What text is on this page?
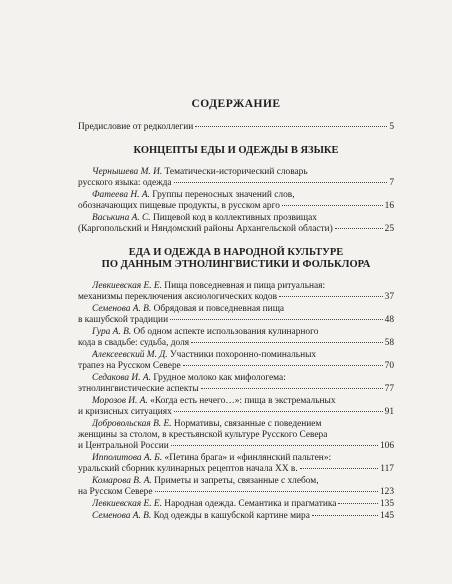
СОДЕРЖАНИЕ
Предисловие от редколлегии	5
КОНЦЕПТЫ ЕДЫ И ОДЕЖДЫ В ЯЗЫКЕ
Чернышева М. И. Тематически-исторический словарь
русского языка: одежда	7
Фатеева Н. А. Группы переносных значений слов,
обозначающих пищевые продукты, в русском арго	16
Васькина А. С. Пищевой код в коллективных прозвищах
(Каргопольский и Няндомский районы Архангельской области)	25
ЕДА И ОДЕЖДА В НАРОДНОЙ КУЛЬТУРЕ
ПО ДАННЫМ ЭТНОЛИНГВИСТИКИ И ФОЛЬКЛОРА
Левкиевская Е. Е. Пища повседневная и пища ритуальная:
механизмы переключения аксиологических кодов	37
Семенова А. В. Обрядовая и повседневная пища
в кашубской традиции	48
Гура А. В. Об одном аспекте использования кулинарного
кода в свадьбе: судьба, доля	58
Алексеевский М. Д. Участники похоронно-поминальных
трапез на Русском Севере	70
Седакова И. А. Грудное молоко как мифологема:
этнолингвистические аспекты	77
Морозов И. А. «Когда есть нечего…»: пища в экстремальных
и кризисных ситуациях	91
Добровольская В. Е. Нормативы, связанные с поведением
женщины за столом, в крестьянской культуре Русского Севера
и Центральной России	106
Ипполитова А. Б. «Петина брага» и «финлянский пальтен»:
уральский сборник кулинарных рецептов начала XX в.	117
Комарова В. А. Приметы и запреты, связанные с хлебом,
на Русском Севере	123
Левкиевская Е. Е. Народная одежда. Семантика и прагматика	135
Семенова А. В. Код одежды в кашубской картине мира	145
